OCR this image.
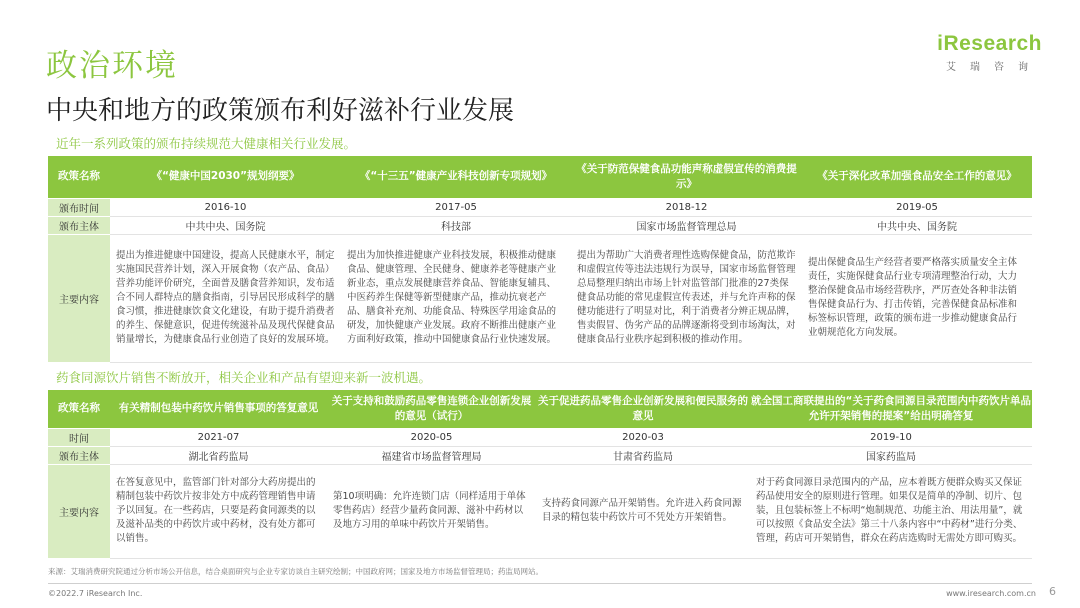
政治环境
中央和地方的政策颁布利好滋补行业发展
近年一系列政策的颁布持续规范大健康相关行业发展。
iResearch
艾瑞咨询
政策名称	《“健康中国2030”规划纲要》	《“十三五”健康产业科技创新专项规划》	《关于防范保健食品功能声称虚假宣传的消费提示》	《关于深化改革加强食品安全工作的意见》
颁布时间	2016-10	2017-05	2018-12	2019-05
颁布主体	中共中央、国务院	科技部	国家市场监督管理总局	中共中央、国务院
主要内容	提出为推进健康中国建设，提高人民健康水平，制定实施国民营养计划，深入开展食物（农产品、食品）营养功能评价研究，全面普及膳食营养知识，发布适合不同人群特点的膳食指南，引导居民形成科学的膳食习惯，推进健康饮食文化建设，有助于提升消费者的养生、保健意识，促进传统滋补品及现代保健食品销量增长，为健康食品行业创造了良好的发展环境。	提出为加快推进健康产业科技发展，积极推动健康食品、健康管理、全民健身、健康养老等健康产业新业态，重点发展健康营养食品、智能康复辅具、中医药养生保健等新型健康产品，推动抗衰老产品、膳食补充剂、功能食品、特殊医学用途食品的研发，加快健康产业发展。政府不断推出健康产业方面利好政策，推动中国健康食品行业快速发展。	提出为帮助广大消费者理性选购保健食品，防范欺诈和虚假宣传等违法违规行为误导，国家市场监督管理总局整理归纳出市场上针对监管部门批准的27类保健食品功能的常见虚假宣传表述，并与允许声称的保健功能进行了明显对比，利于消费者分辨正规品牌，售卖假冒、伪劣产品的品牌逐渐将受到市场淘汰，对健康食品行业秩序起到积极的推动作用。	提出保健食品生产经营者要严格落实质量安全主体责任，实施保健食品行业专项清理整治行动，大力整治保健食品市场经营秩序，严厉查处各种非法销售保健食品行为、打击传销，完善保健食品标准和标签标识管理，政策的颁布进一步推动健康食品行业朝规范化方向发展。
药食同源饮片销售不断放开，相关企业和产品有望迎来新一波机遇。
政策名称	有关精制包装中药饮片销售事项的答复意见	关于支持和鼓励药品零售连锁企业创新发展的意见（试行）	关于促进药品零售企业创新发展和便民服务的意见	就全国工商联提出的“关于药食同源目录范围内中药饮片单品允许开架销售的提案”给出明确答复
时间	2021-07	2020-05	2020-03	2019-10
颁布主体	湖北省药监局	福建省市场监督管理局	甘肃省药监局	国家药监局
主要内容	在答复意见中，监管部门针对部分大药房提出的精制包装中药饮片按非处方中成药管理销售申请予以回复。在一些药店，只要是药食同源类的以及滋补品类的中药饮片或中药材，没有处方都可以销售。	第10项明确：允许连锁门店（同样适用于单体零售药店）经营少量药食同源、滋补中药材以及地方习用的单味中药饮片开架销售。	支持药食同源产品开架销售。允许进入药食同源目录的精包装中药饮片可不凭处方开架销售。	对于药食同源目录范围内的产品，应本着既方便群众购买又保证药品使用安全的原则进行管理。如果仅是简单的净制、切片、包装，且包装标签上不标明“炮制规范、功能主治、用法用量”，就可以按照《食品安全法》第三十八条内容中“中药材”进行分类、管理，药店可开架销售，群众在药店选购时无需处方即可购买。
来源：艾瑞消费研究院通过分析市场公开信息，结合桌面研究与企业专家访谈自主研究绘制；中国政府网；国家及地方市场监督管理局；药监局网站。
©2022.7 iResearch Inc.	www.iresearch.com.cn 6
